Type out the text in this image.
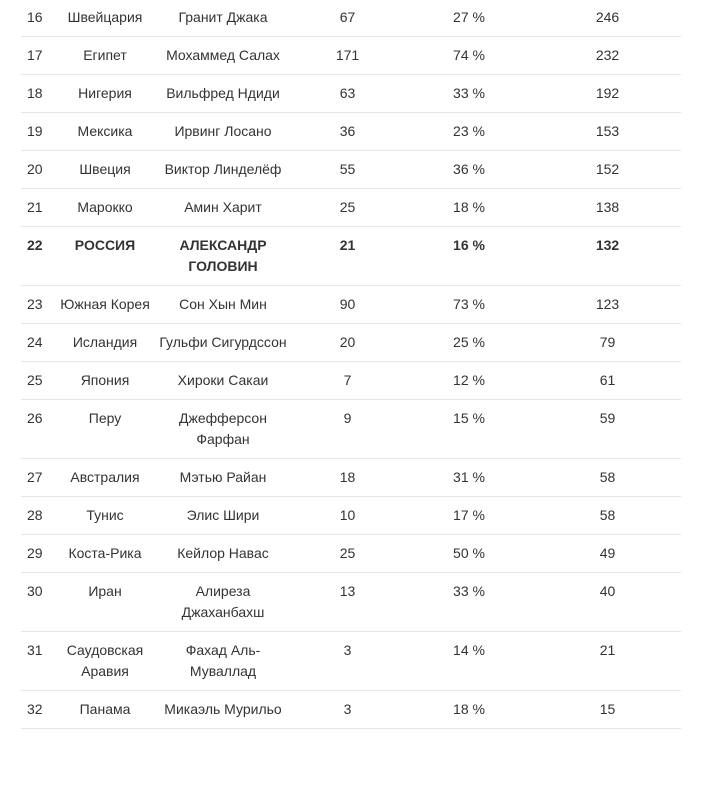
16	Швейцария	Гранит Джака	67	27 %	246
17	Египет	Мохаммед Салах	171	74 %	232
18	Нигерия	Вильфред Ндиди	63	33 %	192
19	Мексика	Ирвинг Лосано	36	23 %	153
20	Швеция	Виктор Линделёф	55	36 %	152
21	Марокко	Амин Харит	25	18 %	138
22	РОССИЯ	АЛЕКСАНДР ГОЛОВИН	21	16 %	132
23	Южная Корея	Сон Хын Мин	90	73 %	123
24	Исландия	Гульфи Сигурдссон	20	25 %	79
25	Япония	Хироки Сакаи	7	12 %	61
26	Перу	Джефферсон Фарфан	9	15 %	59
27	Австралия	Мэтью Райан	18	31 %	58
28	Тунис	Элис Шири	10	17 %	58
29	Коста-Рика	Кейлор Навас	25	50 %	49
30	Иран	Алиреза Джаханбахш	13	33 %	40
31	Саудовская Аравия	Фахад Аль-Муваллад	3	14 %	21
32	Панама	Микаэль Мурильо	3	18 %	15
